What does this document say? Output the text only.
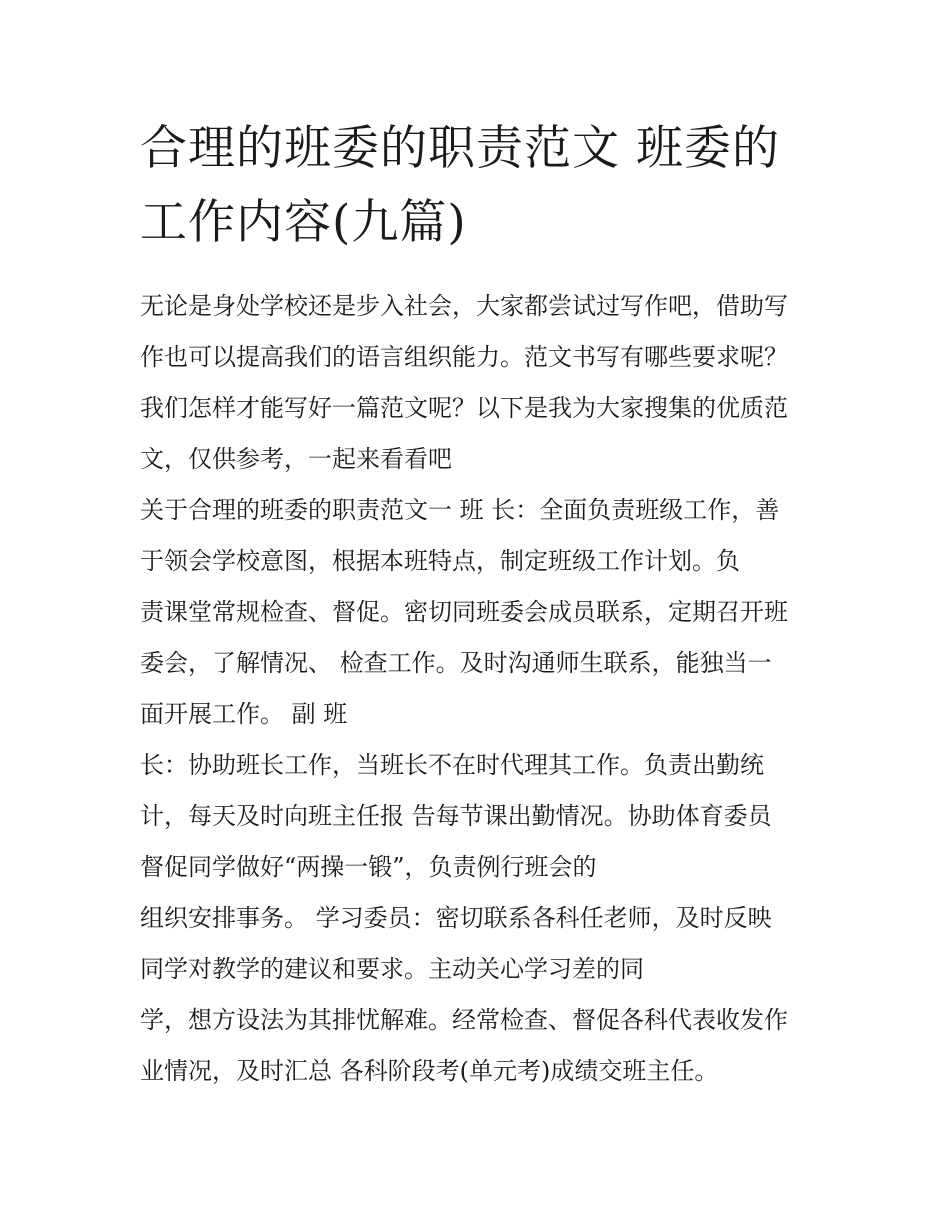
合理的班委的职责范文 班委的
工作内容(九篇)
无论是身处学校还是步入社会，大家都尝试过写作吧，借助写
作也可以提高我们的语言组织能力。范文书写有哪些要求呢？
我们怎样才能写好一篇范文呢？以下是我为大家搜集的优质范
文，仅供参考，一起来看看吧
关于合理的班委的职责范文一 班 长：全面负责班级工作，善
于领会学校意图，根据本班特点，制定班级工作计划。负
责课堂常规检查、督促。密切同班委会成员联系，定期召开班
委会，了解情况、 检查工作。及时沟通师生联系，能独当一
面开展工作。 副 班
长：协助班长工作，当班长不在时代理其工作。负责出勤统
计，每天及时向班主任报 告每节课出勤情况。协助体育委员
督促同学做好“两操一锻”，负责例行班会的
组织安排事务。 学习委员：密切联系各科任老师，及时反映
同学对教学的建议和要求。主动关心学习差的同
学，想方设法为其排忧解难。经常检查、督促各科代表收发作
业情况，及时汇总 各科阶段考(单元考)成绩交班主任。
